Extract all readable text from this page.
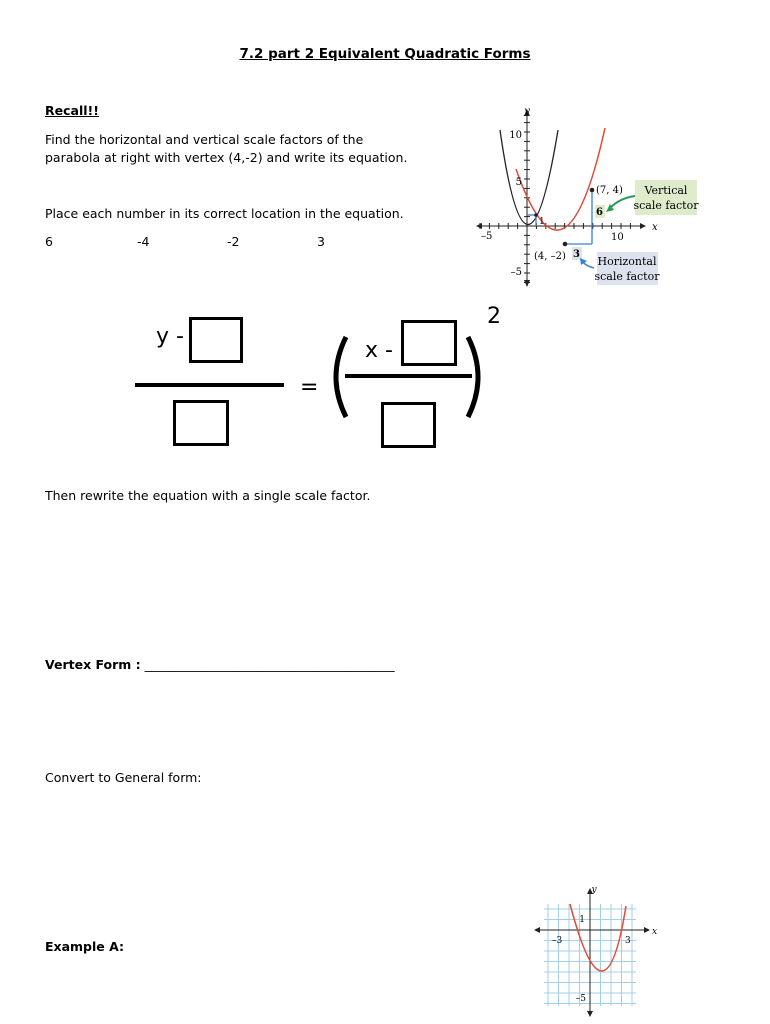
7.2 part 2 Equivalent Quadratic Forms
Recall!!
Find the horizontal and vertical scale factors of the
parabola at right with vertex (4,-2) and write its equation.
Place each number in its correct location in the equation.
6	-4	-2	3
y
x
10
5
–5
–5	10
1
(7, 4)
(4, –2)
6
3
Vertical
scale factor
Horizontal
scale factor
y -
=
x -
2
Then rewrite the equation with a single scale factor.
Vertex Form : ________________________________________
Convert to General form:
Example A:
y
x
1
–3	3
–5
